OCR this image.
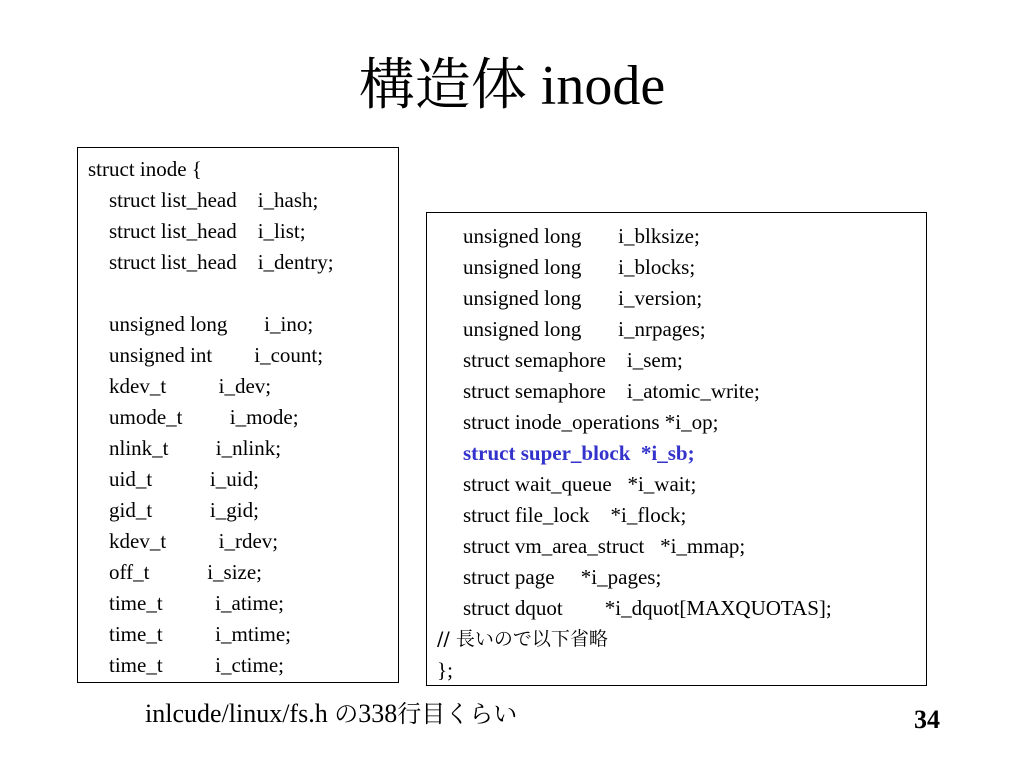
構造体 inode
struct inode {
struct list_head    i_hash;
struct list_head    i_list;
struct list_head    i_dentry;
unsigned long       i_ino;
unsigned int        i_count;
kdev_t          i_dev;
umode_t         i_mode;
nlink_t         i_nlink;
uid_t           i_uid;
gid_t           i_gid;
kdev_t          i_rdev;
off_t           i_size;
time_t          i_atime;
time_t          i_mtime;
time_t          i_ctime;
unsigned long       i_blksize;
unsigned long       i_blocks;
unsigned long       i_version;
unsigned long       i_nrpages;
struct semaphore    i_sem;
struct semaphore    i_atomic_write;
struct inode_operations *i_op;
struct super_block  *i_sb;
struct wait_queue   *i_wait;
struct file_lock    *i_flock;
struct vm_area_struct   *i_mmap;
struct page     *i_pages;
struct dquot        *i_dquot[MAXQUOTAS];
// 長いので以下省略
};
inlcude/linux/fs.h の338行目くらい	34
